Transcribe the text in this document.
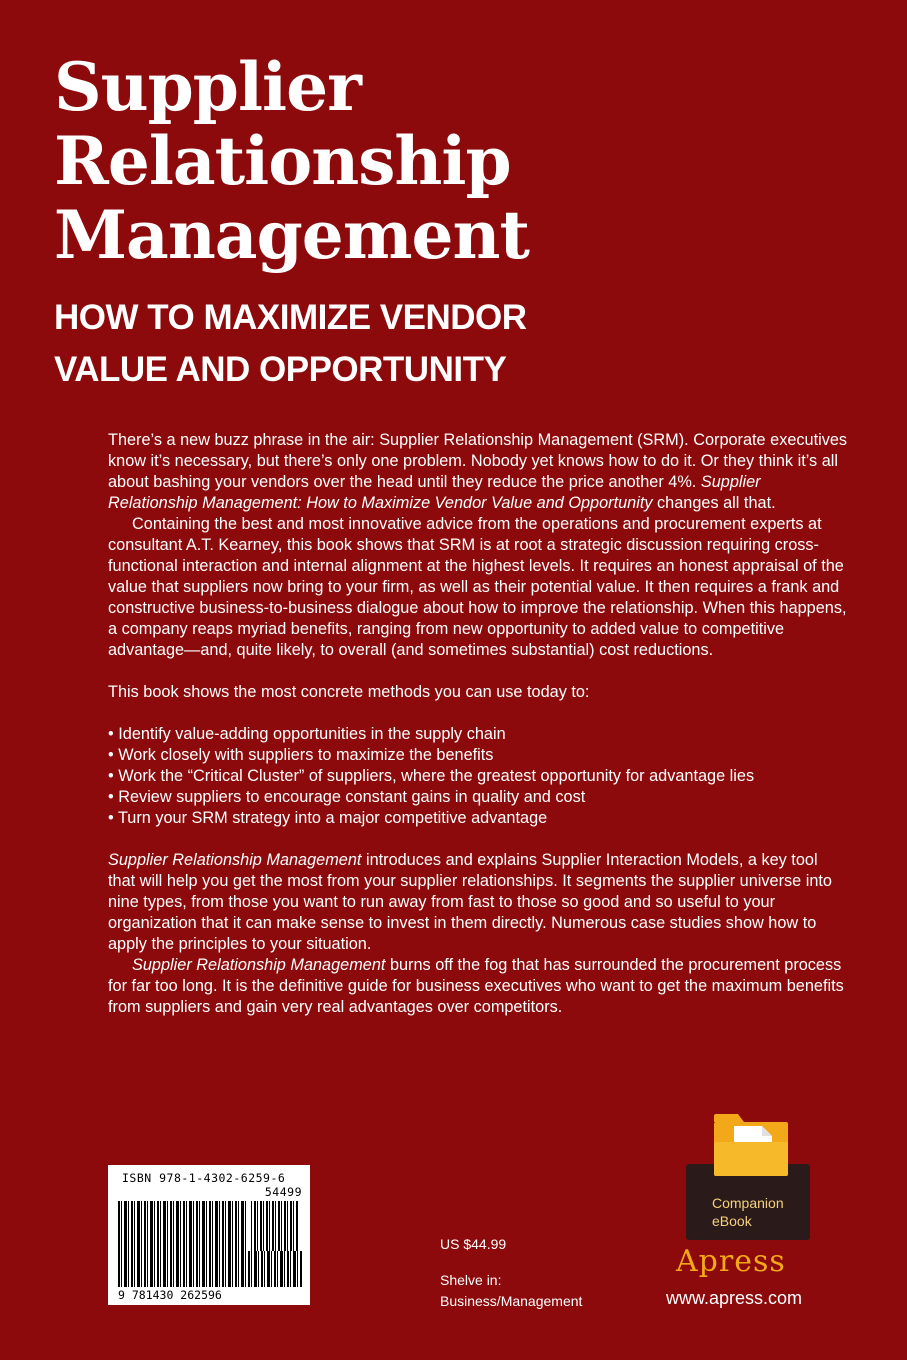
Supplier
Relationship
Management
HOW TO MAXIMIZE VENDOR
VALUE AND OPPORTUNITY

There’s a new buzz phrase in the air: Supplier Relationship Management (SRM). Corporate executives know it’s necessary, but there’s only one problem. Nobody yet knows how to do it. Or they think it’s all about bashing your vendors over the head until they reduce the price another 4%. Supplier Relationship Management: How to Maximize Vendor Value and Opportunity changes all that.

Containing the best and most innovative advice from the operations and procurement experts at consultant A.T. Kearney, this book shows that SRM is at root a strategic discussion requiring cross-functional interaction and internal alignment at the highest levels. It requires an honest appraisal of the value that suppliers now bring to your firm, as well as their potential value. It then requires a frank and constructive business-to-business dialogue about how to improve the relationship. When this happens, a company reaps myriad benefits, ranging from new opportunity to added value to competitive advantage—and, quite likely, to overall (and sometimes substantial) cost reductions.

This book shows the most concrete methods you can use today to:

• Identify value-adding opportunities in the supply chain
• Work closely with suppliers to maximize the benefits
• Work the “Critical Cluster” of suppliers, where the greatest opportunity for advantage lies
• Review suppliers to encourage constant gains in quality and cost
• Turn your SRM strategy into a major competitive advantage

Supplier Relationship Management introduces and explains Supplier Interaction Models, a key tool that will help you get the most from your supplier relationships. It segments the supplier universe into nine types, from those you want to run away from fast to those so good and so useful to your organization that it can make sense to invest in them directly. Numerous case studies show how to apply the principles to your situation.

Supplier Relationship Management burns off the fog that has surrounded the procurement process for far too long. It is the definitive guide for business executives who want to get the maximum benefits from suppliers and gain very real advantages over competitors.

ISBN 978-1-4302-6259-6
54499
9 781430 262596
US $44.99
Shelve in:
Business/Management
Companion
eBook
Apress
www.apress.com
